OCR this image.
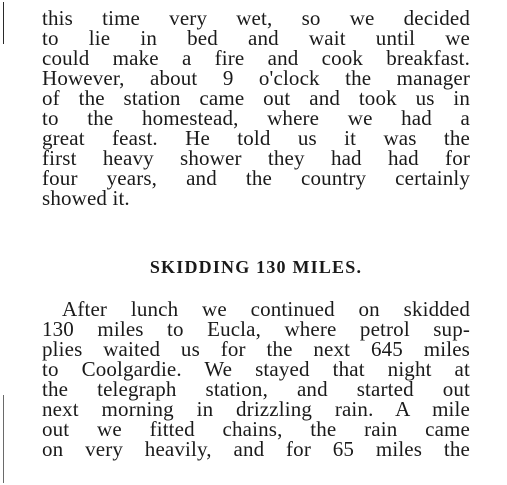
this time very wet, so we decided
to lie in bed and wait until we
could make a fire and cook breakfast.
However, about 9 o'clock the manager
of the station came out and took us in
to the homestead, where we had a
great feast. He told us it was the
first heavy shower they had had for
four years, and the country certainly
showed it.

SKIDDING 130 MILES.

After lunch we continued on skidded
130 miles to Eucla, where petrol sup-
plies waited us for the next 645 miles
to Coolgardie. We stayed that night at
the telegraph station, and started out
next morning in drizzling rain. A mile
out we fitted chains, the rain came
on very heavily, and for 65 miles the
